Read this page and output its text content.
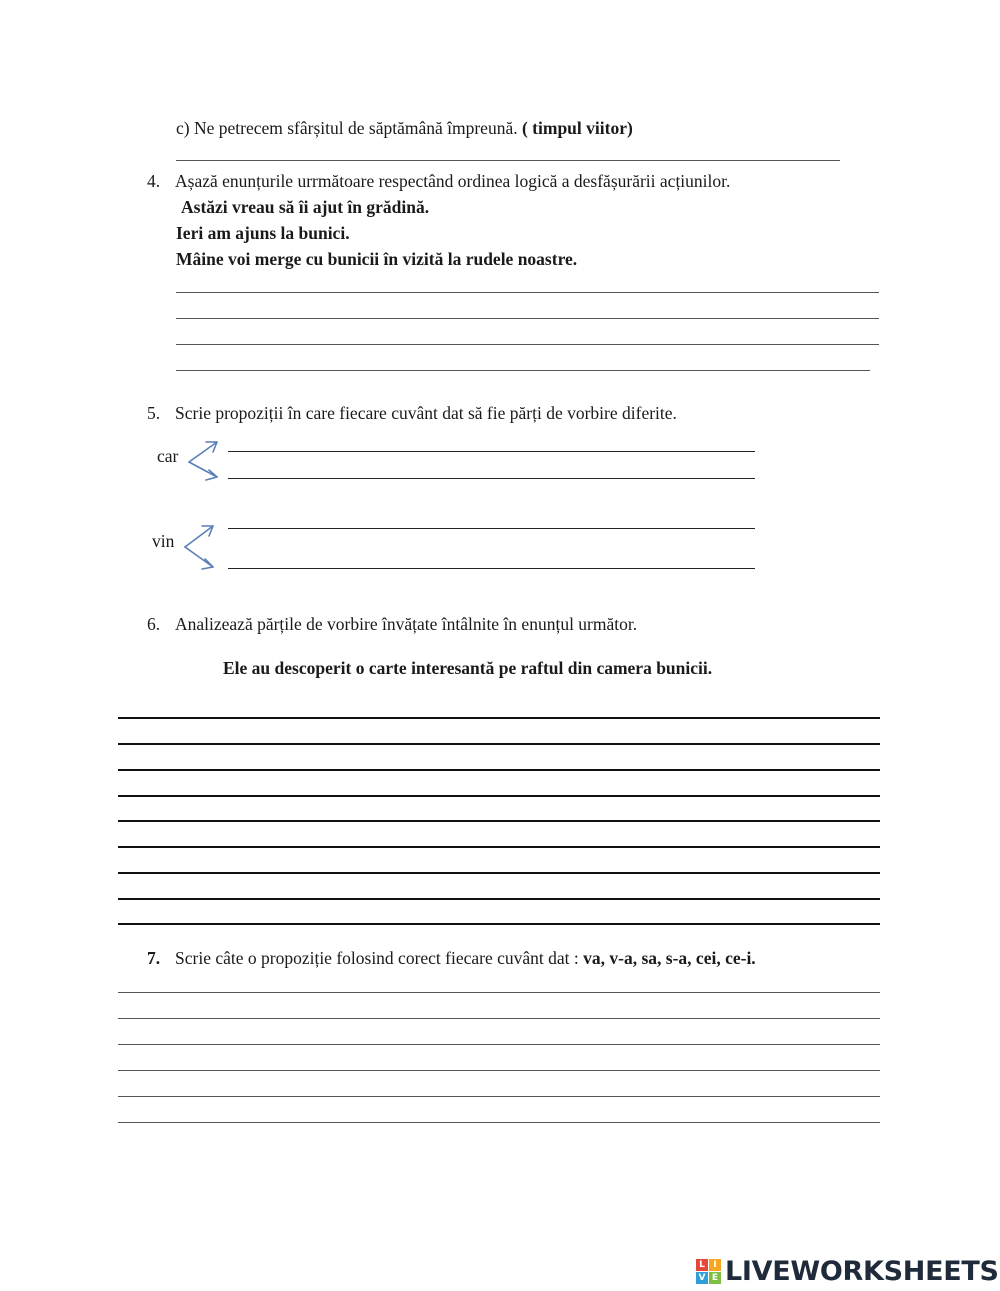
c) Ne petrecem sfârșitul de săptămână împreună. ( timpul viitor)
4. Așază enunțurile urrmătoare respectând ordinea logică a desfășurării acțiunilor.
Astăzi vreau să îi ajut în grădină.
Ieri am ajuns la bunici.
Mâine voi merge cu bunicii în vizită la rudele noastre.
5. Scrie propoziții în care fiecare cuvânt dat să fie părți de vorbire diferite.
car
vin
6. Analizează părțile de vorbire învățate întâlnite în enunțul următor.
Ele au descoperit o carte interesantă pe raftul din camera bunicii.
7. Scrie câte o propoziție folosind corect fiecare cuvânt dat : va, v-a, sa, s-a, cei, ce-i.
L I
V E LIVEWORKSHEETS
